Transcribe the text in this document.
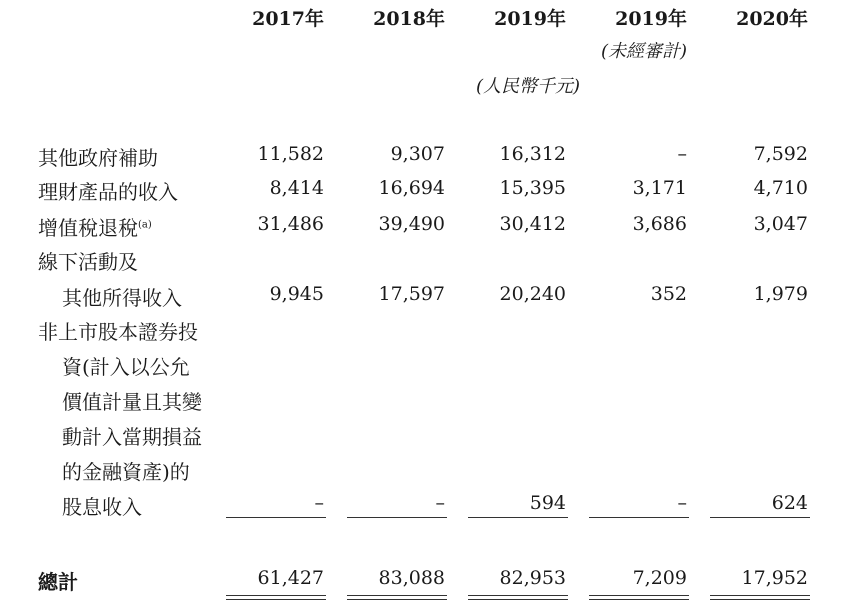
2017年	2018年	2019年	2019年	2020年
(未經審計)
(人民幣千元)
其他政府補助	11,582	9,307	16,312	–	7,592
理財產品的收入	8,414	16,694	15,395	3,171	4,710
增值稅退稅$^{(a)}$	31,486	39,490	30,412	3,686	3,047
線下活動及
其他所得收入	9,945	17,597	20,240	352	1,979
非上市股本證券投
資(計入以公允
價值計量且其變
動計入當期損益
的金融資產)的
股息收入	–	–	594	–	624
總計	61,427	83,088	82,953	7,209	17,952
